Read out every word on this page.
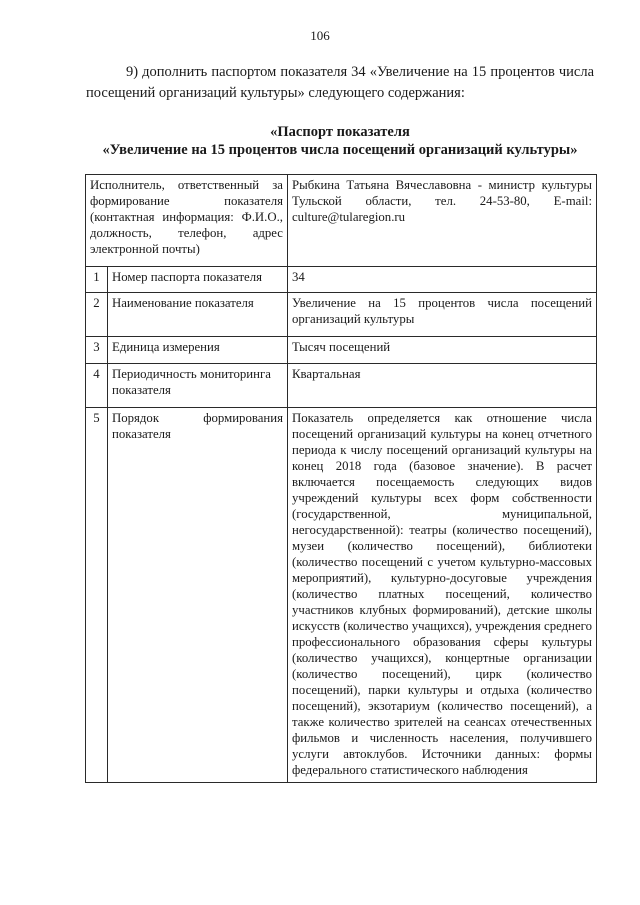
106

9) дополнить паспортом показателя 34 «Увеличение на 15 процентов числа посещений организаций культуры» следующего содержания:

«Паспорт показателя

«Увеличение на 15 процентов числа посещений организаций культуры»

Исполнитель, ответственный за формирование показателя (контактная информация: Ф.И.О., должность, телефон, адрес электронной почты)		Рыбкина Татьяна Вячеславовна - министр культуры Тульской области, тел. 24-53-80, E-mail: culture@tularegion.ru
1	Номер паспорта показателя	34
2	Наименование показателя	Увеличение на 15 процентов числа посещений организаций культуры
3	Единица измерения	Тысяч посещений
4	Периодичность мониторинга показателя	Квартальная
5	Порядок формирования показателя	Показатель определяется как отношение числа посещений организаций культуры на конец отчетного периода к числу посещений организаций культуры на конец 2018 года (базовое значение). В расчет включается посещаемость следующих видов учреждений культуры всех форм собственности (государственной, муниципальной, негосударственной): театры (количество посещений), музеи (количество посещений), библиотеки (количество посещений с учетом культурно-массовых мероприятий), культурно-досуговые учреждения (количество платных посещений, количество участников клубных формирований), детские школы искусств (количество учащихся), учреждения среднего профессионального образования сферы культуры (количество учащихся), концертные организации (количество посещений), цирк (количество посещений), парки культуры и отдыха (количество посещений), экзотариум (количество посещений), а также количество зрителей на сеансах отечественных фильмов и численность населения, получившего услуги автоклубов. Источники данных: формы федерального статистического наблюдения
